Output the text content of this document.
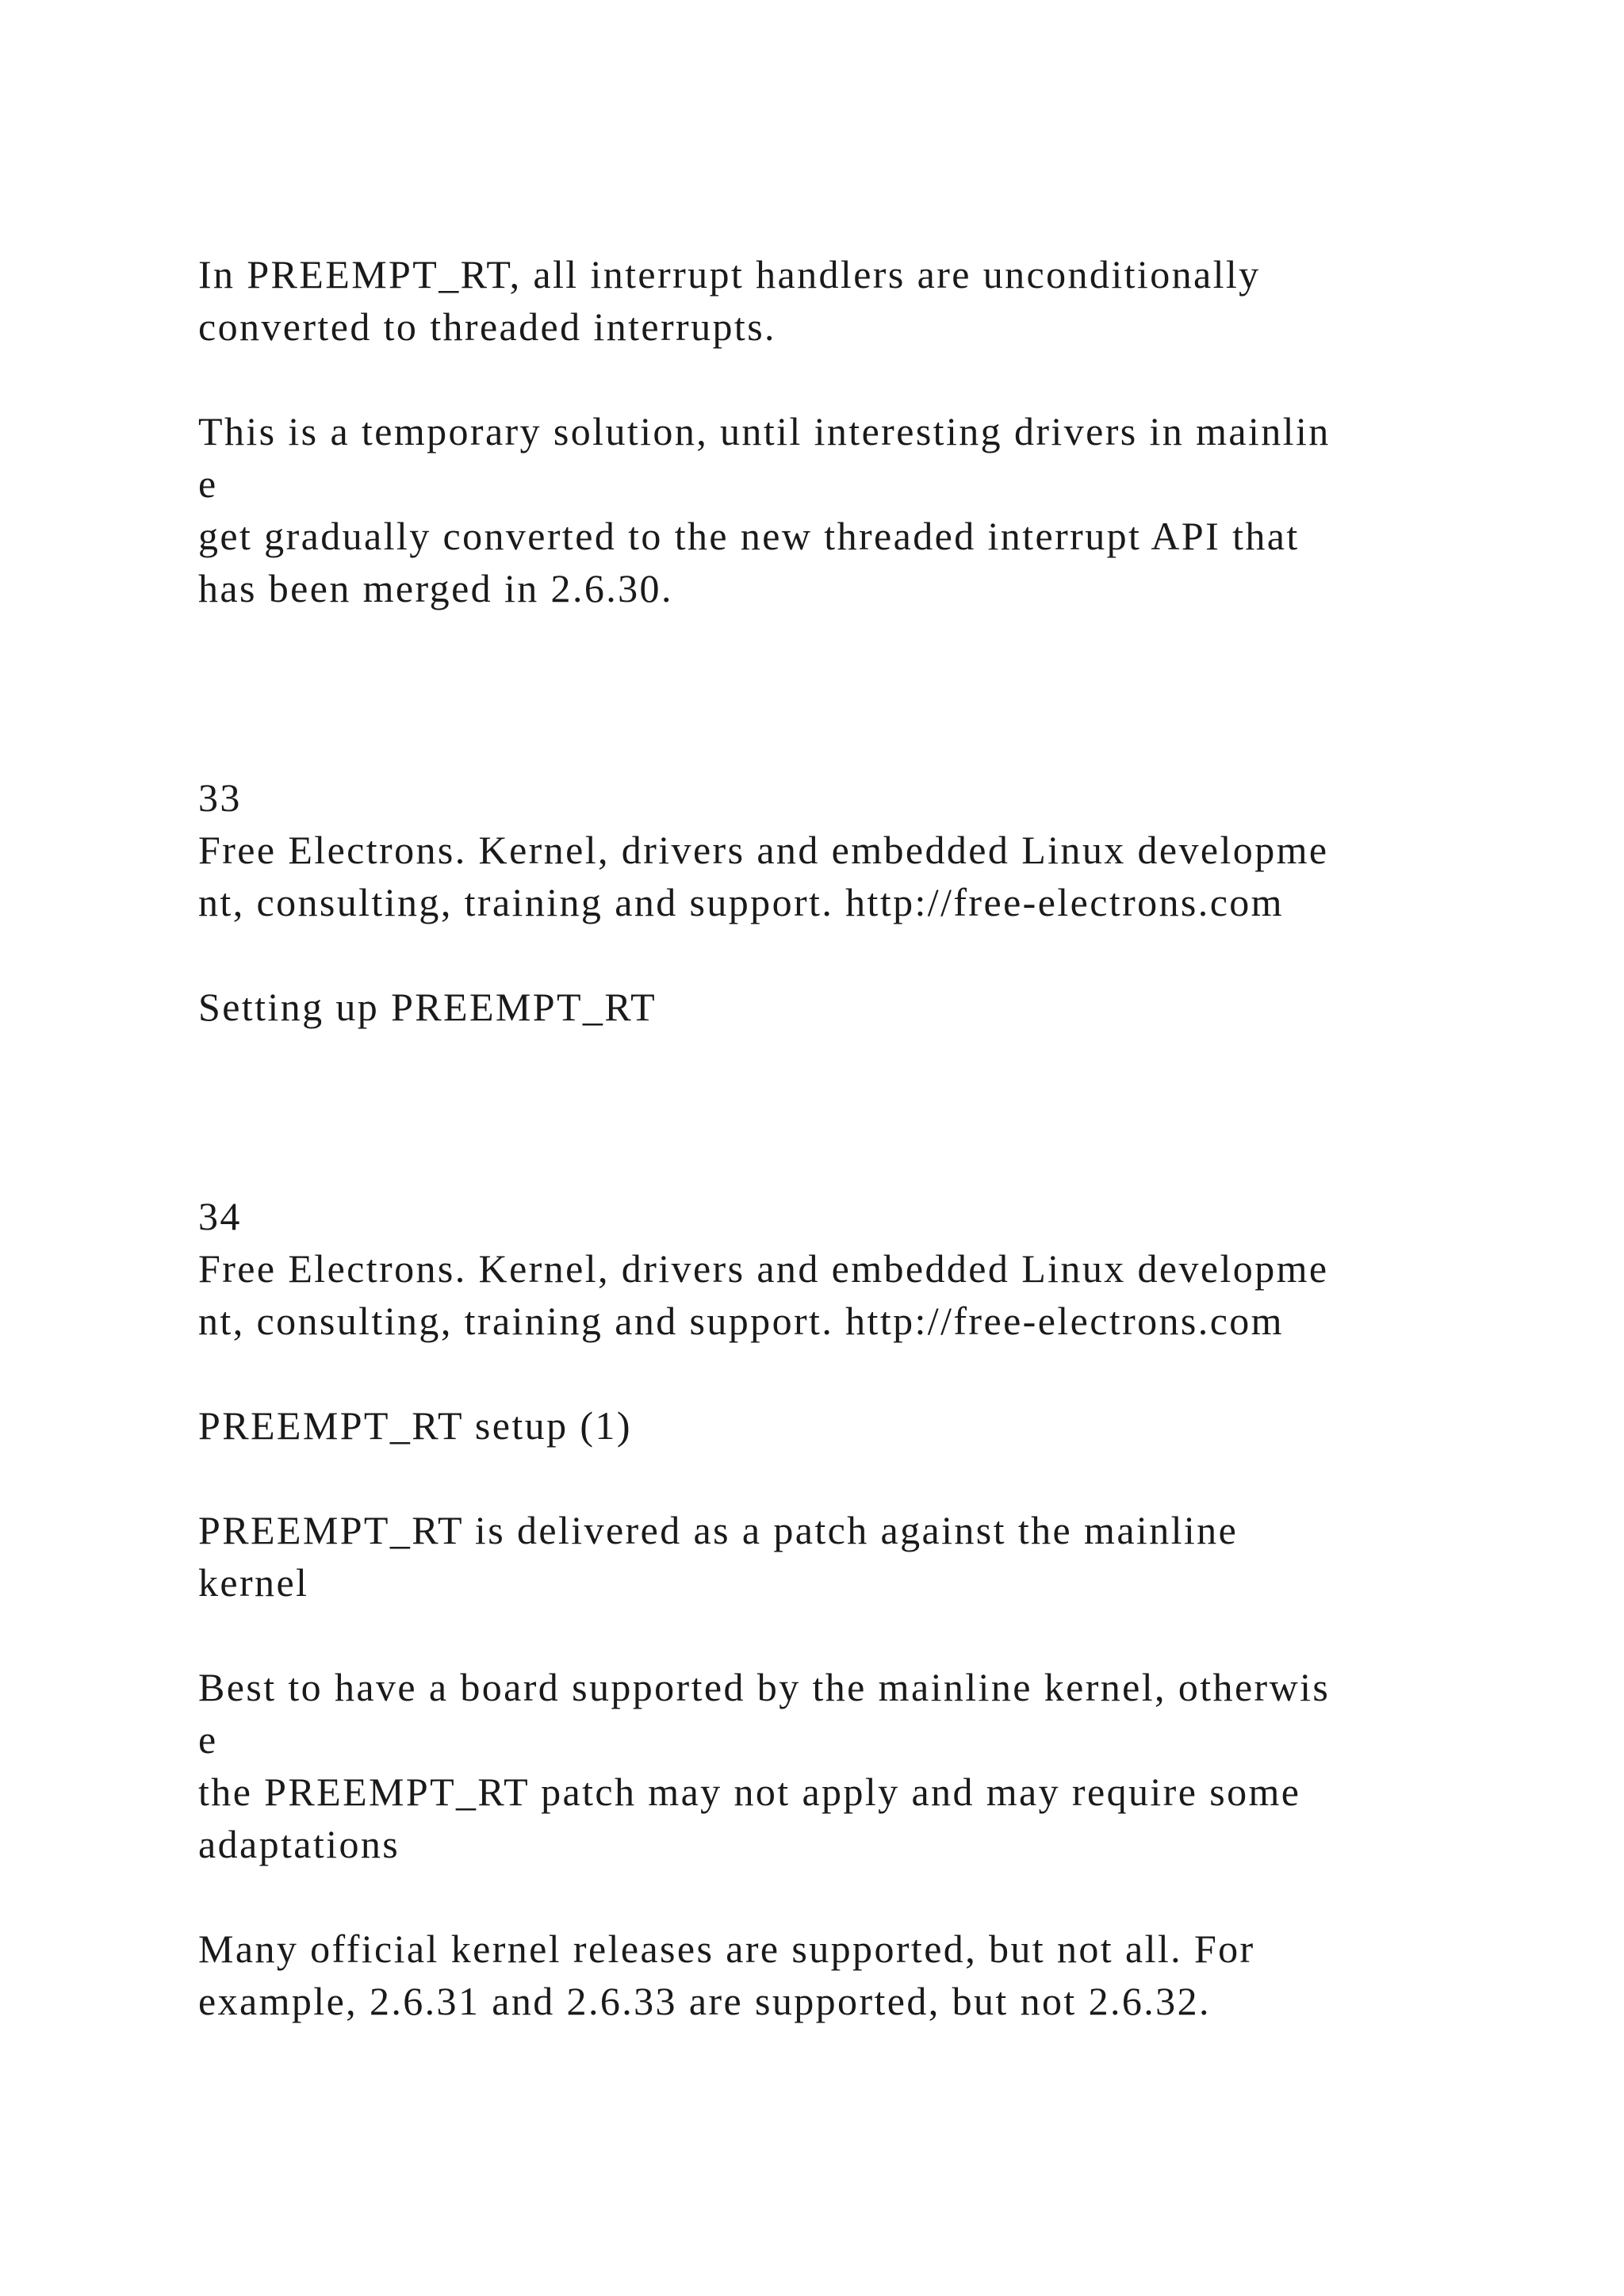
In PREEMPT_RT, all interrupt handlers are unconditionally

converted to threaded interrupts.

This is a temporary solution, until interesting drivers in mainlin

e

get gradually converted to the new threaded interrupt API that

has been merged in 2.6.30.

33

Free Electrons. Kernel, drivers and embedded Linux developme

nt, consulting, training and support. http://free-electrons.com

Setting up PREEMPT_RT

34

Free Electrons. Kernel, drivers and embedded Linux developme

nt, consulting, training and support. http://free-electrons.com

PREEMPT_RT setup (1)

PREEMPT_RT is delivered as a patch against the mainline

kernel

Best to have a board supported by the mainline kernel, otherwis

e

the PREEMPT_RT patch may not apply and may require some

adaptations

Many official kernel releases are supported, but not all. For

example, 2.6.31 and 2.6.33 are supported, but not 2.6.32.
